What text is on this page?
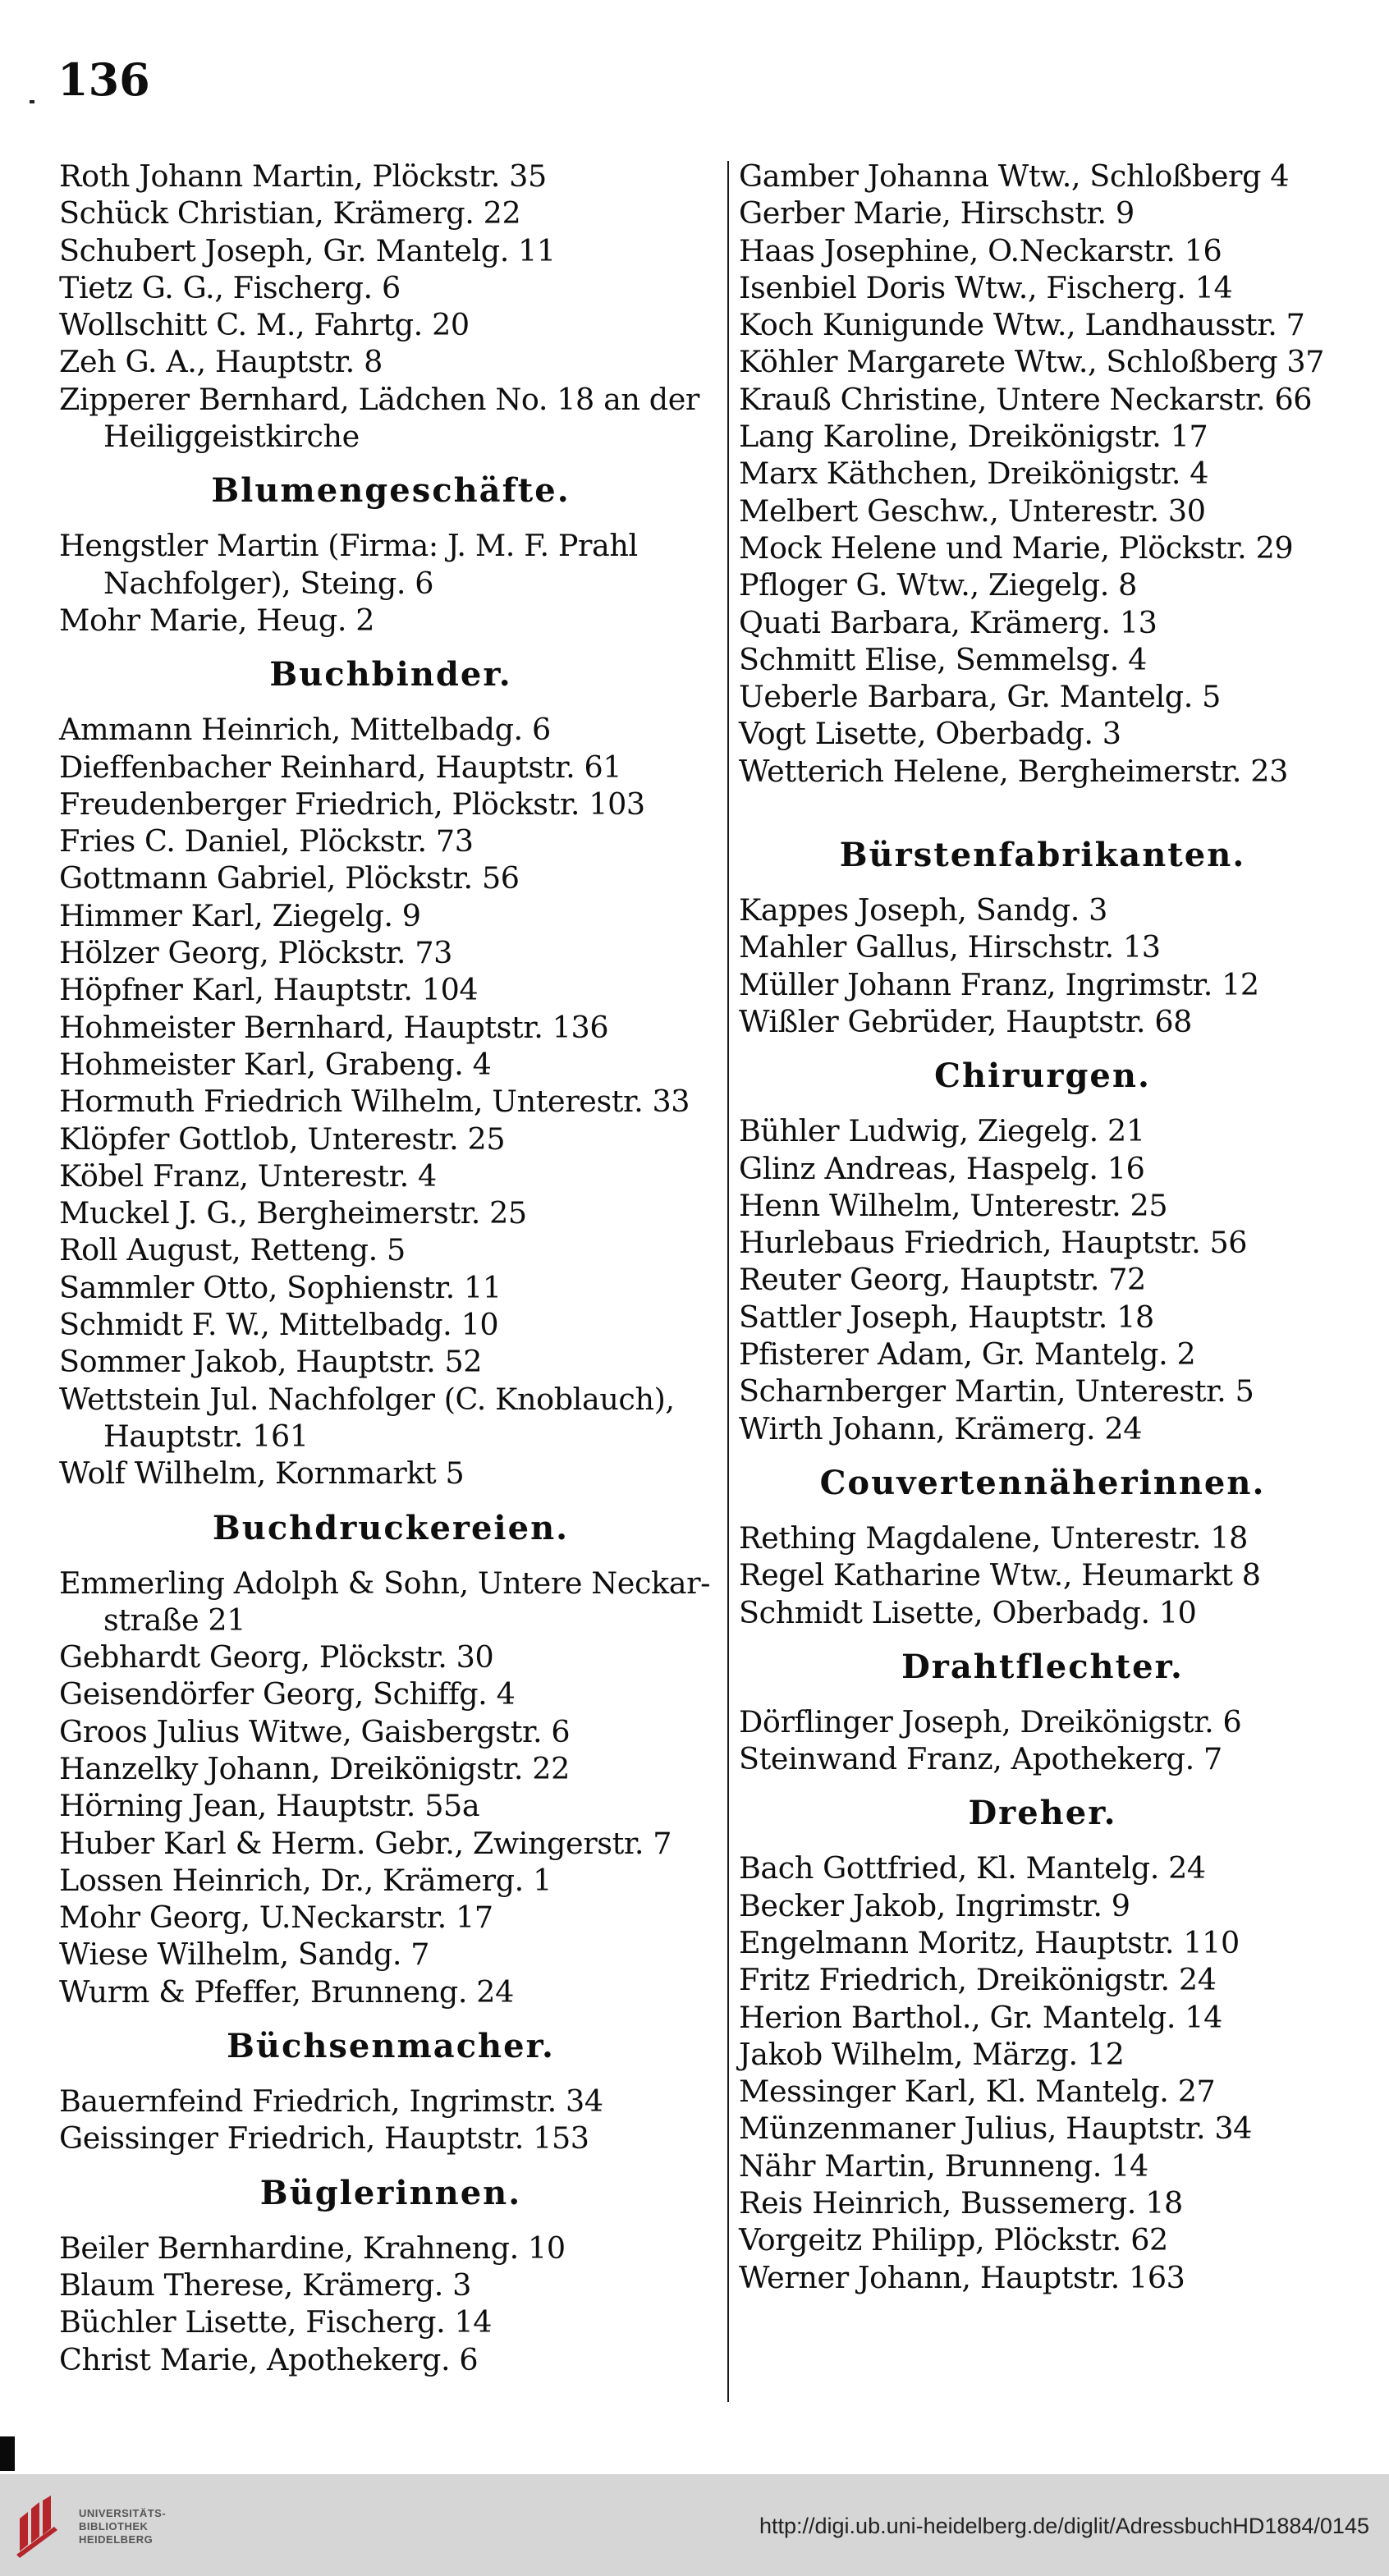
136
Roth Johann Martin, Plöckstr. 35
Schück Christian, Krämerg. 22
Schubert Joseph, Gr. Mantelg. 11
Tietz G. G., Fischerg. 6
Wollschitt C. M., Fahrtg. 20
Zeh G. A., Hauptstr. 8
Zipperer Bernhard, Lädchen No. 18 an der
Heiliggeistkirche
Blumengeschäfte.
Hengstler Martin (Firma: J. M. F. Prahl
Nachfolger), Steing. 6
Mohr Marie, Heug. 2
Buchbinder.
Ammann Heinrich, Mittelbadg. 6
Dieffenbacher Reinhard, Hauptstr. 61
Freudenberger Friedrich, Plöckstr. 103
Fries C. Daniel, Plöckstr. 73
Gottmann Gabriel, Plöckstr. 56
Himmer Karl, Ziegelg. 9
Hölzer Georg, Plöckstr. 73
Höpfner Karl, Hauptstr. 104
Hohmeister Bernhard, Hauptstr. 136
Hohmeister Karl, Grabeng. 4
Hormuth Friedrich Wilhelm, Unterestr. 33
Klöpfer Gottlob, Unterestr. 25
Köbel Franz, Unterestr. 4
Muckel J. G., Bergheimerstr. 25
Roll August, Retteng. 5
Sammler Otto, Sophienstr. 11
Schmidt F. W., Mittelbadg. 10
Sommer Jakob, Hauptstr. 52
Wettstein Jul. Nachfolger (C. Knoblauch),
Hauptstr. 161
Wolf Wilhelm, Kornmarkt 5
Buchdruckereien.
Emmerling Adolph & Sohn, Untere Neckar-
straße 21
Gebhardt Georg, Plöckstr. 30
Geisendörfer Georg, Schiffg. 4
Groos Julius Witwe, Gaisbergstr. 6
Hanzelky Johann, Dreikönigstr. 22
Hörning Jean, Hauptstr. 55a
Huber Karl & Herm. Gebr., Zwingerstr. 7
Lossen Heinrich, Dr., Krämerg. 1
Mohr Georg, U.Neckarstr. 17
Wiese Wilhelm, Sandg. 7
Wurm & Pfeffer, Brunneng. 24
Büchsenmacher.
Bauernfeind Friedrich, Ingrimstr. 34
Geissinger Friedrich, Hauptstr. 153
Büglerinnen.
Beiler Bernhardine, Krahneng. 10
Blaum Therese, Krämerg. 3
Büchler Lisette, Fischerg. 14
Christ Marie, Apothekerg. 6
Gamber Johanna Wtw., Schloßberg 4
Gerber Marie, Hirschstr. 9
Haas Josephine, O.Neckarstr. 16
Isenbiel Doris Wtw., Fischerg. 14
Koch Kunigunde Wtw., Landhausstr. 7
Köhler Margarete Wtw., Schloßberg 37
Krauß Christine, Untere Neckarstr. 66
Lang Karoline, Dreikönigstr. 17
Marx Käthchen, Dreikönigstr. 4
Melbert Geschw., Unterestr. 30
Mock Helene und Marie, Plöckstr. 29
Pfloger G. Wtw., Ziegelg. 8
Quati Barbara, Krämerg. 13
Schmitt Elise, Semmelsg. 4
Ueberle Barbara, Gr. Mantelg. 5
Vogt Lisette, Oberbadg. 3
Wetterich Helene, Bergheimerstr. 23
Bürstenfabrikanten.
Kappes Joseph, Sandg. 3
Mahler Gallus, Hirschstr. 13
Müller Johann Franz, Ingrimstr. 12
Wißler Gebrüder, Hauptstr. 68
Chirurgen.
Bühler Ludwig, Ziegelg. 21
Glinz Andreas, Haspelg. 16
Henn Wilhelm, Unterestr. 25
Hurlebaus Friedrich, Hauptstr. 56
Reuter Georg, Hauptstr. 72
Sattler Joseph, Hauptstr. 18
Pfisterer Adam, Gr. Mantelg. 2
Scharnberger Martin, Unterestr. 5
Wirth Johann, Krämerg. 24
Couvertennäherinnen.
Rething Magdalene, Unterestr. 18
Regel Katharine Wtw., Heumarkt 8
Schmidt Lisette, Oberbadg. 10
Drahtflechter.
Dörflinger Joseph, Dreikönigstr. 6
Steinwand Franz, Apothekerg. 7
Dreher.
Bach Gottfried, Kl. Mantelg. 24
Becker Jakob, Ingrimstr. 9
Engelmann Moritz, Hauptstr. 110
Fritz Friedrich, Dreikönigstr. 24
Herion Barthol., Gr. Mantelg. 14
Jakob Wilhelm, Märzg. 12
Messinger Karl, Kl. Mantelg. 27
Münzenmaner Julius, Hauptstr. 34
Nähr Martin, Brunneng. 14
Reis Heinrich, Bussemerg. 18
Vorgeitz Philipp, Plöckstr. 62
Werner Johann, Hauptstr. 163
UNIVERSITÄTS-
BIBLIOTHEK
HEIDELBERG
http://digi.ub.uni-heidelberg.de/diglit/AdressbuchHD1884/0145
